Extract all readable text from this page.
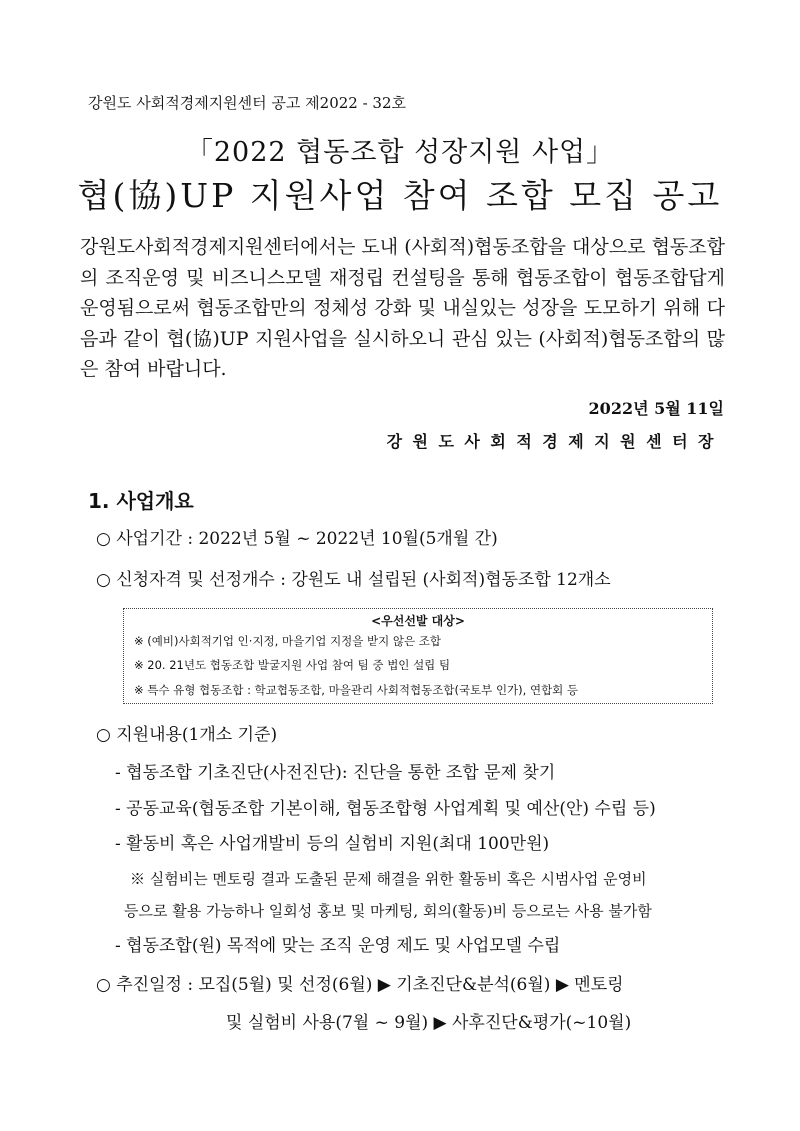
강원도 사회적경제지원센터 공고 제2022 - 32호
「2022 협동조합 성장지원 사업」
협(協)UP 지원사업 참여 조합 모집 공고
강원도사회적경제지원센터에서는 도내 (사회적)협동조합을 대상으로 협동조합의 조직운영 및 비즈니스모델 재정립 컨설팅을 통해 협동조합이 협동조합답게 운영됨으로써 협동조합만의 정체성 강화 및 내실있는 성장을 도모하기 위해 다음과 같이 협(協)UP 지원사업을 실시하오니 관심 있는 (사회적)협동조합의 많은 참여 바랍니다.
2022년 5월 11일
강원도사회적경제지원센터장
1. 사업개요
○ 사업기간 : 2022년 5월 ~ 2022년 10월(5개월 간)
○ 신청자격 및 선정개수 : 강원도 내 설립된 (사회적)협동조합 12개소
<우선선발 대상>
※ (예비)사회적기업 인·지정, 마을기업 지정을 받지 않은 조합
※ 20. 21년도 협동조합 발굴지원 사업 참여 팀 중 법인 설립 팀
※ 특수 유형 협동조합 : 학교협동조합, 마을관리 사회적협동조합(국토부 인가), 연합회 등
○ 지원내용(1개소 기준)
- 협동조합 기초진단(사전진단): 진단을 통한 조합 문제 찾기
- 공동교육(협동조합 기본이해, 협동조합형 사업계획 및 예산(안) 수립 등)
- 활동비 혹은 사업개발비 등의 실험비 지원(최대 100만원)
※ 실험비는 멘토링 결과 도출된 문제 해결을 위한 활동비 혹은 시범사업 운영비
등으로 활용 가능하나 일회성 홍보 및 마케팅, 회의(활동)비 등으로는 사용 불가함
- 협동조합(원) 목적에 맞는 조직 운영 제도 및 사업모델 수립
○ 추진일정 : 모집(5월) 및 선정(6월) ▶ 기초진단&분석(6월) ▶ 멘토링
및 실험비 사용(7월 ~ 9월) ▶ 사후진단&평가(~10월)
